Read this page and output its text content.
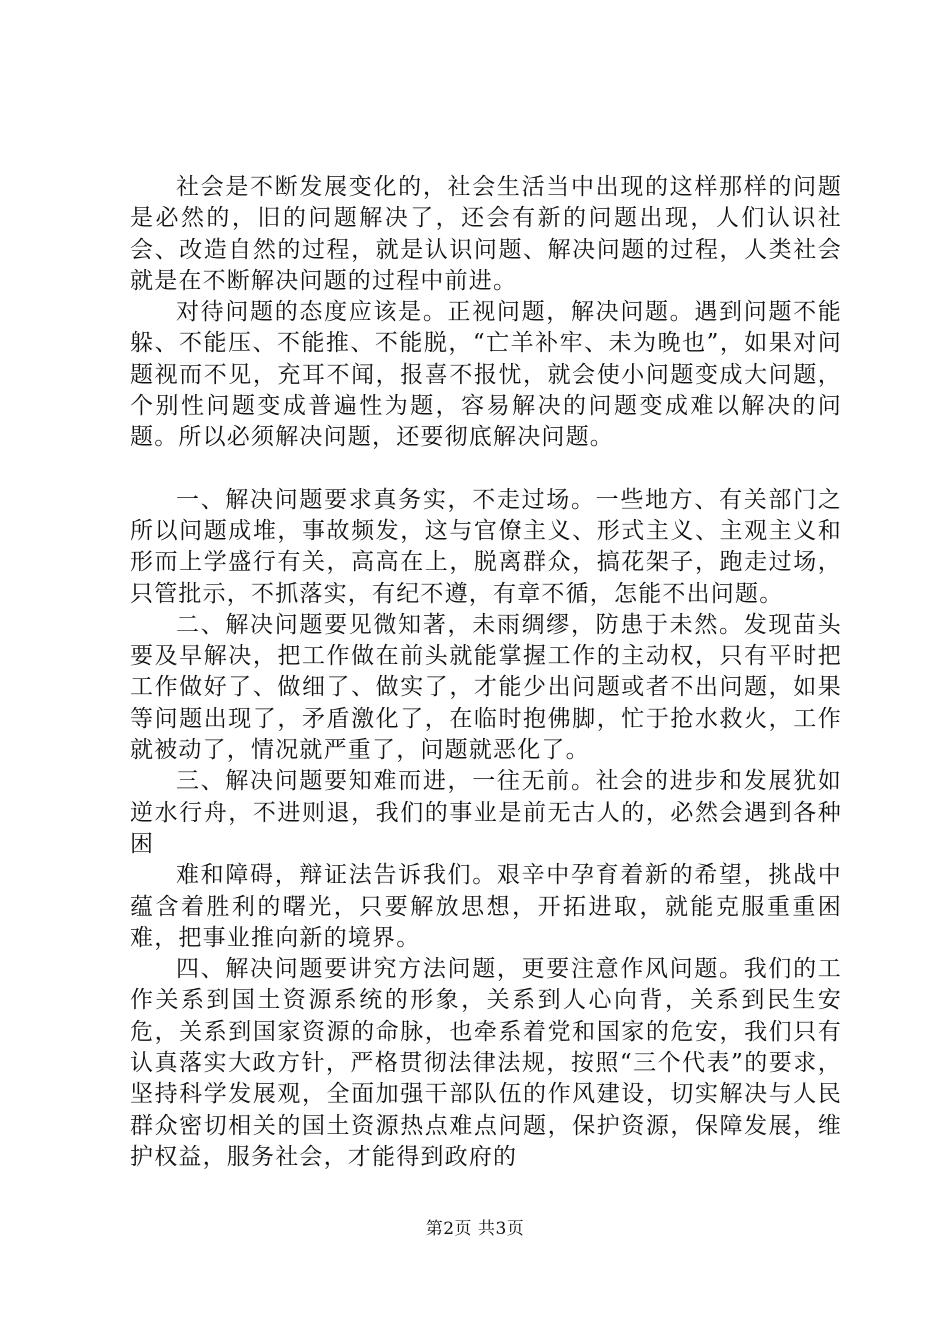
社会是不断发展变化的，社会生活当中出现的这样那样的问题是必然的，旧的问题解决了，还会有新的问题出现，人们认识社会、改造自然的过程，就是认识问题、解决问题的过程，人类社会就是在不断解决问题的过程中前进。

对待问题的态度应该是。正视问题，解决问题。遇到问题不能躲、不能压、不能推、不能脱，“亡羊补牢、未为晚也”，如果对问题视而不见，充耳不闻，报喜不报忧，就会使小问题变成大问题，个别性问题变成普遍性为题，容易解决的问题变成难以解决的问题。所以必须解决问题，还要彻底解决问题。

一、解决问题要求真务实，不走过场。一些地方、有关部门之所以问题成堆，事故频发，这与官僚主义、形式主义、主观主义和形而上学盛行有关，高高在上，脱离群众，搞花架子，跑走过场，只管批示，不抓落实，有纪不遵，有章不循，怎能不出问题。

二、解决问题要见微知著，未雨绸缪，防患于未然。发现苗头要及早解决，把工作做在前头就能掌握工作的主动权，只有平时把工作做好了、做细了、做实了，才能少出问题或者不出问题，如果等问题出现了，矛盾激化了，在临时抱佛脚，忙于抢水救火，工作就被动了，情况就严重了，问题就恶化了。

三、解决问题要知难而进，一往无前。社会的进步和发展犹如逆水行舟，不进则退，我们的事业是前无古人的，必然会遇到各种困

难和障碍，辩证法告诉我们。艰辛中孕育着新的希望，挑战中蕴含着胜利的曙光，只要解放思想，开拓进取，就能克服重重困难，把事业推向新的境界。

四、解决问题要讲究方法问题，更要注意作风问题。我们的工作关系到国土资源系统的形象，关系到人心向背，关系到民生安危，关系到国家资源的命脉，也牵系着党和国家的危安，我们只有认真落实大政方针，严格贯彻法律法规，按照“三个代表”的要求，坚持科学发展观，全面加强干部队伍的作风建设，切实解决与人民群众密切相关的国土资源热点难点问题，保护资源，保障发展，维护权益，服务社会，才能得到政府的

第2页 共3页
